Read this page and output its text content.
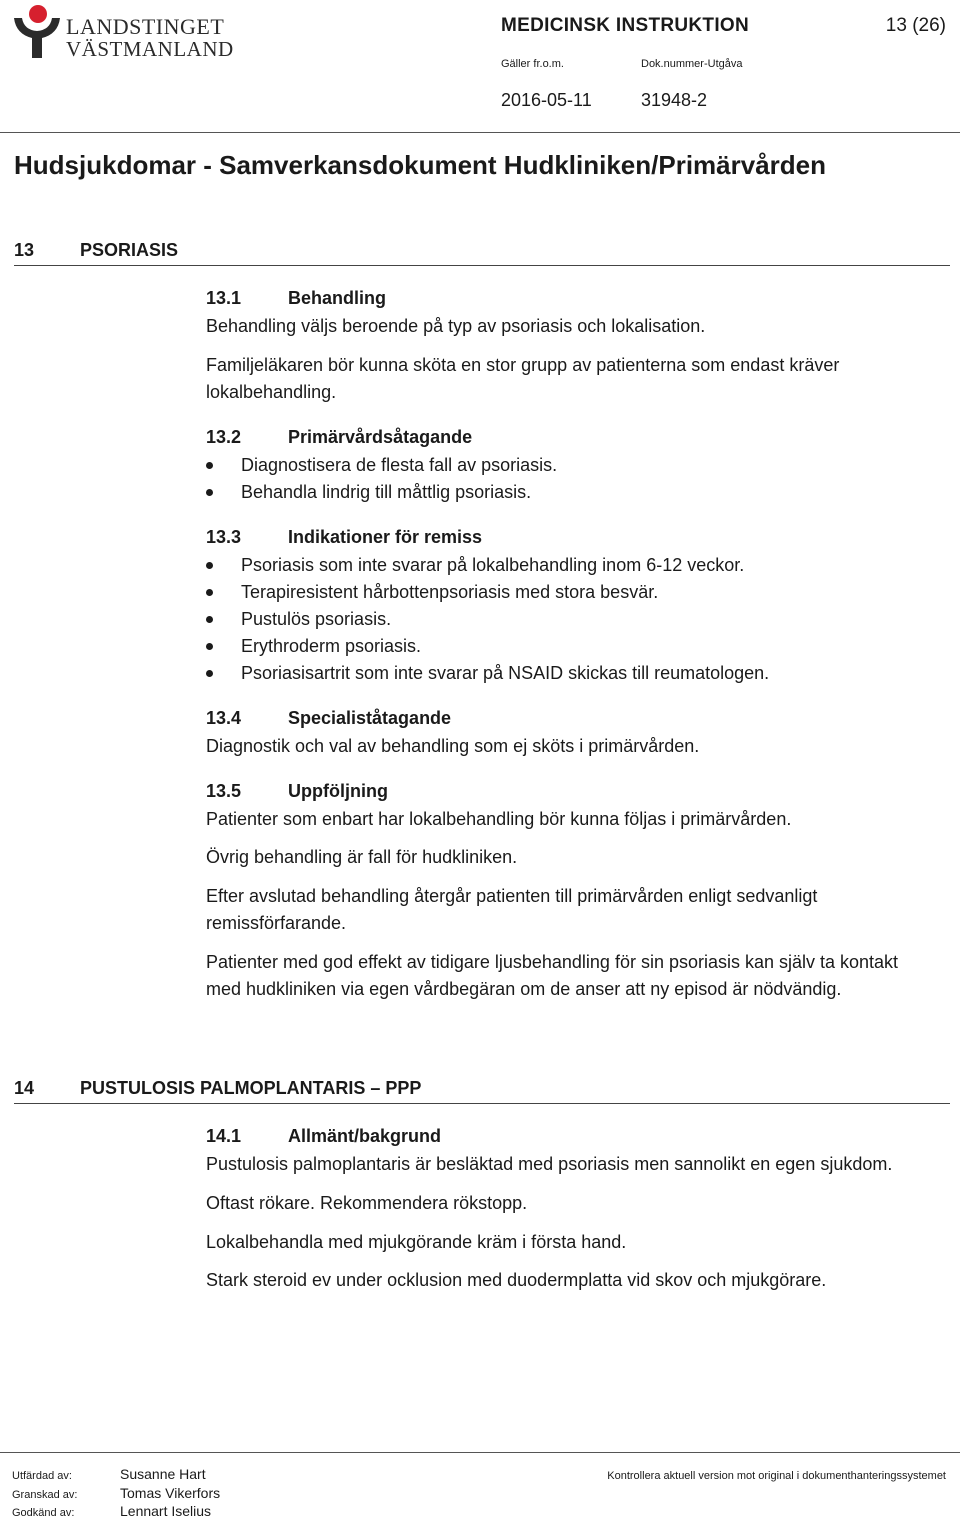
LANDSTINGET
VÄSTMANLAND
MEDICINSK INSTRUKTION	13 (26)
Gäller fr.o.m.	Dok.nummer-Utgåva
2016-05-11	31948-2
Hudsjukdomar - Samverkansdokument Hudkliniken/Primärvården
13	PSORIASIS
13.1	Behandling
Behandling väljs beroende på typ av psoriasis och lokalisation.
Familjeläkaren bör kunna sköta en stor grupp av patienterna som endast kräver lokalbehandling.
13.2	Primärvårdsåtagande
Diagnostisera de flesta fall av psoriasis.
Behandla lindrig till måttlig psoriasis.
13.3	Indikationer för remiss
Psoriasis som inte svarar på lokalbehandling inom 6-12 veckor.
Terapiresistent hårbottenpsoriasis med stora besvär.
Pustulös psoriasis.
Erythroderm psoriasis.
Psoriasisartrit som inte svarar på NSAID skickas till reumatologen.
13.4	Specialiståtagande
Diagnostik och val av behandling som ej sköts i primärvården.
13.5	Uppföljning
Patienter som enbart har lokalbehandling bör kunna följas i primärvården.
Övrig behandling är fall för hudkliniken.
Efter avslutad behandling återgår patienten till primärvården enligt sedvanligt remissförfarande.
Patienter med god effekt av tidigare ljusbehandling för sin psoriasis kan själv ta kontakt med hudkliniken via egen vårdbegäran om de anser att ny episod är nödvändig.
14	PUSTULOSIS PALMOPLANTARIS – PPP
14.1	Allmänt/bakgrund
Pustulosis palmoplantaris är besläktad med psoriasis men sannolikt en egen sjukdom.
Oftast rökare. Rekommendera rökstopp.
Lokalbehandla med mjukgörande kräm i första hand.
Stark steroid ev under ocklusion med duodermplatta vid skov och mjukgörare.
Utfärdad av:	Susanne Hart
Granskad av:	Tomas Vikerfors
Godkänd av:	Lennart Iselius
Kontrollera aktuell version mot original i dokumenthanteringssystemet
